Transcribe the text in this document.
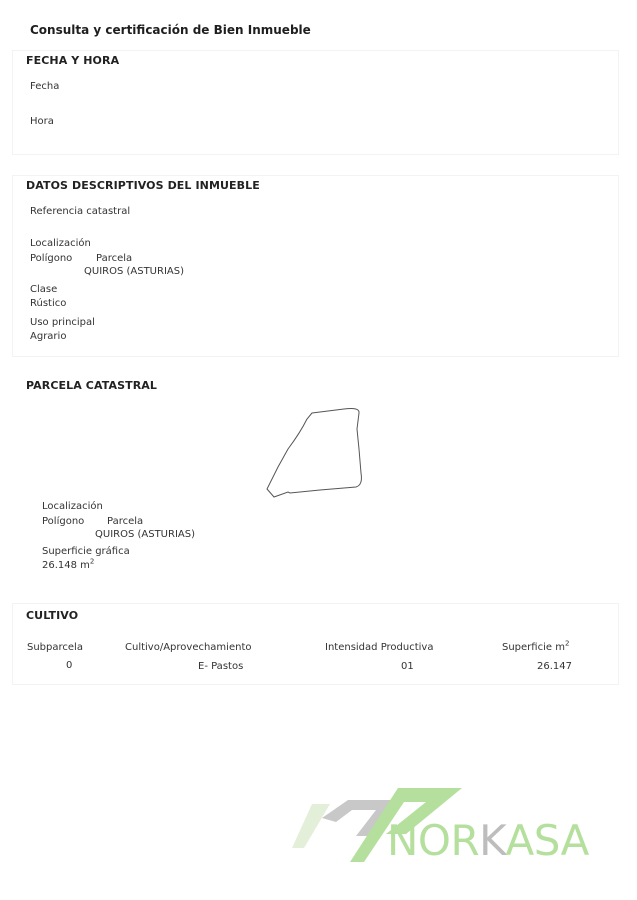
Consulta y certificación de Bien Inmueble
FECHA Y HORA
Fecha
Hora
DATOS DESCRIPTIVOS DEL INMUEBLE
Referencia catastral
Localización
Polígono Parcela
QUIROS (ASTURIAS)
Clase
Rústico
Uso principal
Agrario
PARCELA CATASTRAL
Localización
Polígono Parcela
QUIROS (ASTURIAS)
Superficie gráfica
26.148 $m^2$
CULTIVO
Subparcela	Cultivo/Aprovechamiento	Intensidad Productiva	Superficie $m^2$
0	E- Pastos	01	26.147
NORKASA
